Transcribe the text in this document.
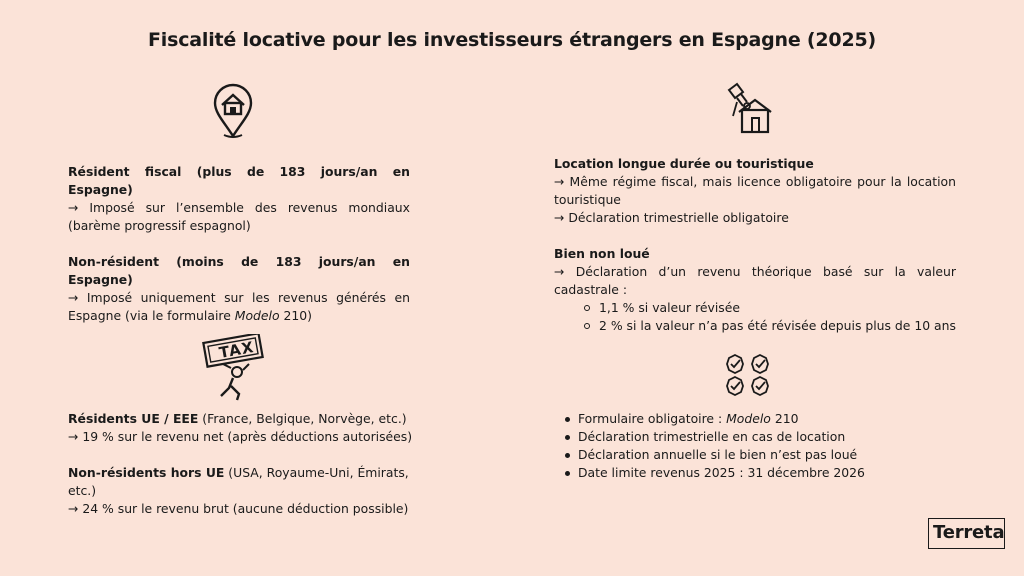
Fiscalité locative pour les investisseurs étrangers en Espagne (2025)
TAX

Résident fiscal (plus de 183 jours/an en Espagne)

→ Imposé sur l’ensemble des revenus mondiaux (barème progressif espagnol)

Non-résident (moins de 183 jours/an en Espagne)

→ Imposé uniquement sur les revenus générés en Espagne (via le formulaire Modelo 210)

Location longue durée ou touristique

→ Même régime fiscal, mais licence obligatoire pour la location touristique

→ Déclaration trimestrielle obligatoire

Bien non loué

→ Déclaration d’un revenu théorique basé sur la valeur cadastrale :

1,1 % si valeur révisée
2 % si la valeur n’a pas été révisée depuis plus de 10 ans

Résidents UE / EEE (France, Belgique, Norvège, etc.)

→ 19 % sur le revenu net (après déductions autorisées)

Non-résidents hors UE (USA, Royaume-Uni, Émirats, etc.)

→ 24 % sur le revenu brut (aucune déduction possible)

Formulaire obligatoire : Modelo 210
Déclaration trimestrielle en cas de location
Déclaration annuelle si le bien n’est pas loué
Date limite revenus 2025 : 31 décembre 2026
Terreta
